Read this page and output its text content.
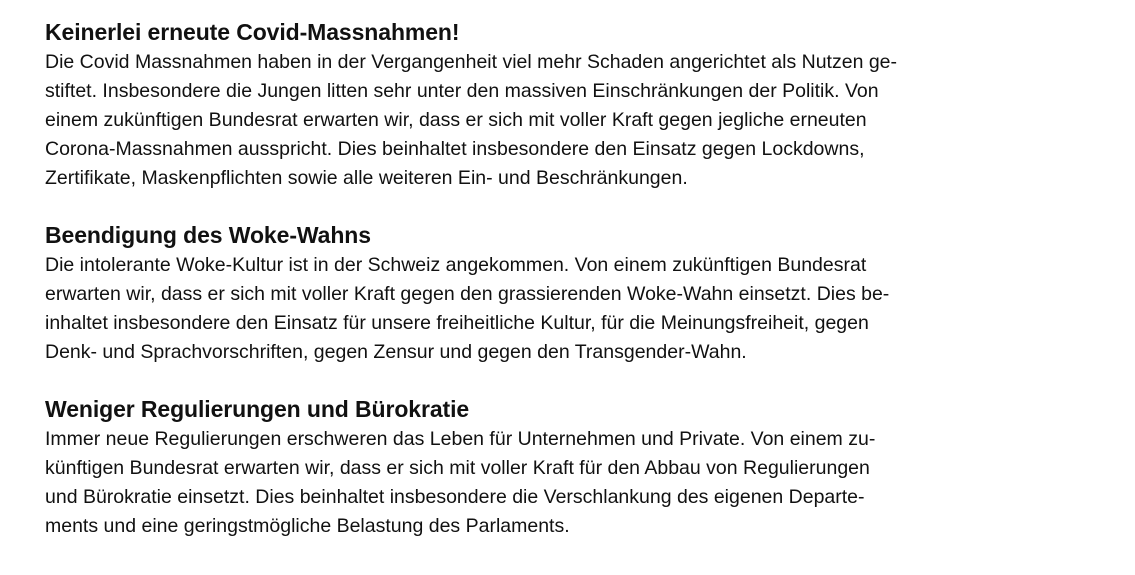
Keinerlei erneute Covid-Massnahmen!

Die Covid Massnahmen haben in der Vergangenheit viel mehr Schaden angerichtet als Nutzen ge-

stiftet. Insbesondere die Jungen litten sehr unter den massiven Einschränkungen der Politik. Von

einem zukünftigen Bundesrat erwarten wir, dass er sich mit voller Kraft gegen jegliche erneuten

Corona-Massnahmen ausspricht. Dies beinhaltet insbesondere den Einsatz gegen Lockdowns,

Zertifikate, Maskenpflichten sowie alle weiteren Ein- und Beschränkungen.

Beendigung des Woke-Wahns

Die intolerante Woke-Kultur ist in der Schweiz angekommen. Von einem zukünftigen Bundesrat

erwarten wir, dass er sich mit voller Kraft gegen den grassierenden Woke-Wahn einsetzt. Dies be-

inhaltet insbesondere den Einsatz für unsere freiheitliche Kultur, für die Meinungsfreiheit, gegen

Denk- und Sprachvorschriften, gegen Zensur und gegen den Transgender-Wahn.

Weniger Regulierungen und Bürokratie

Immer neue Regulierungen erschweren das Leben für Unternehmen und Private. Von einem zu-

künftigen Bundesrat erwarten wir, dass er sich mit voller Kraft für den Abbau von Regulierungen

und Bürokratie einsetzt. Dies beinhaltet insbesondere die Verschlankung des eigenen Departe-

ments und eine geringstmögliche Belastung des Parlaments.
